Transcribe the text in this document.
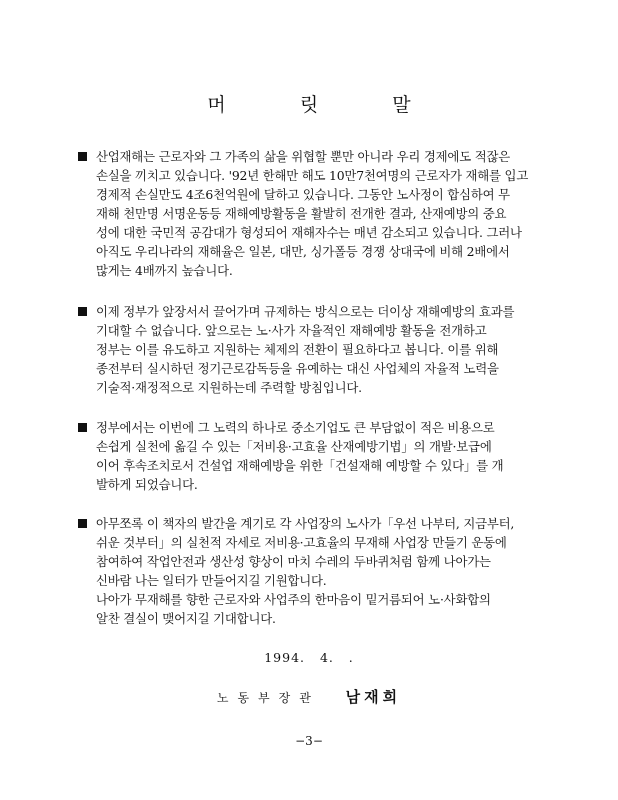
머 릿 말
산업재해는 근로자와 그 가족의 삶을 위협할 뿐만 아니라 우리 경제에도 적잖은
손실을 끼치고 있습니다. '92년 한해만 해도 10만7천여명의 근로자가 재해를 입고
경제적 손실만도 4조6천억원에 달하고 있습니다. 그동안 노사정이 합심하여 무
재해 천만명 서명운동등 재해예방활동을 활발히 전개한 결과, 산재예방의 중요
성에 대한 국민적 공감대가 형성되어 재해자수는 매년 감소되고 있습니다. 그러나
아직도 우리나라의 재해율은 일본, 대만, 싱가폴등 경쟁 상대국에 비해 2배에서
많게는 4배까지 높습니다.
이제 정부가 앞장서서 끌어가며 규제하는 방식으로는 더이상 재해예방의 효과를
기대할 수 없습니다. 앞으로는 노·사가 자율적인 재해예방 활동을 전개하고
정부는 이를 유도하고 지원하는 체제의 전환이 필요하다고 봅니다. 이를 위해
종전부터 실시하던 정기근로감독등을 유예하는 대신 사업체의 자율적 노력을
기술적·재정적으로 지원하는데 주력할 방침입니다.
정부에서는 이번에 그 노력의 하나로 중소기업도 큰 부담없이 적은 비용으로
손쉽게 실천에 옮길 수 있는「저비용·고효율 산재예방기법」의 개발·보급에
이어 후속조치로서 건설업 재해예방을 위한「건설재해 예방할 수 있다」를 개
발하게 되었습니다.
아무쪼록 이 책자의 발간을 계기로 각 사업장의 노사가「우선 나부터, 지금부터,
쉬운 것부터」의 실천적 자세로 저비용·고효율의 무재해 사업장 만들기 운동에
참여하여 작업안전과 생산성 향상이 마치 수레의 두바퀴처럼 함께 나아가는
신바람 나는 일터가 만들어지길 기원합니다.
나아가 무재해를 향한 근로자와 사업주의 한마음이 밑거름되어 노·사화합의
알찬 결실이 맺어지길 기대합니다.
1994.   4.   .
노동부장관 남재희
−3−
